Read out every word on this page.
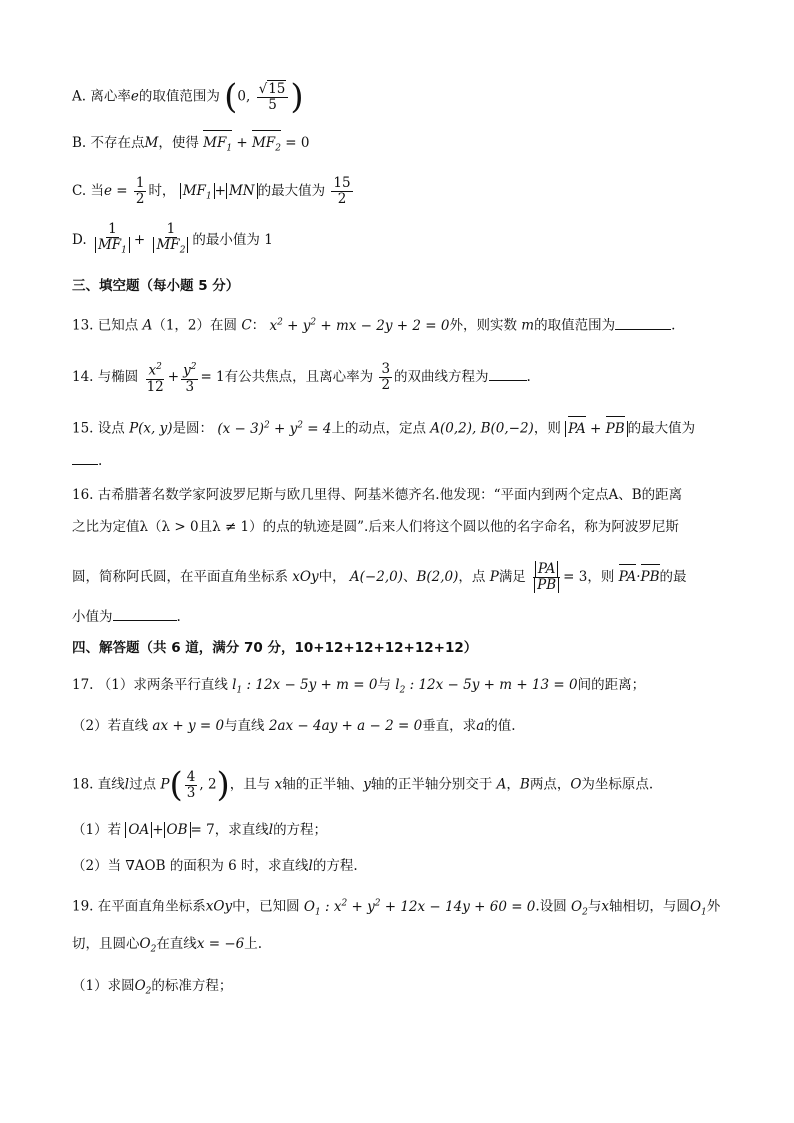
A. 离心率e的取值范围为 (0, $\frac{√15}{5}$ )
B. 不存在点M，使得 $MF_1 + MF_2 = 0$
C. 当$e = \frac{1}{2}$ 时， $MF_1$ + MN 的最大值为 $\frac{15}{2}$
D. $\frac{1}{MF_1} + \frac{1}{MF_2}$ 的最小值为 1
三、填空题（每小题 5 分）
13. 已知点 A（1，2）在圆 C： $x^2 + y^2$ + mx − 2y + 2 = 0外，则实数 m的取值范围为	.
14. 与椭圆 $\frac{x^2}{12} + \frac{y^2}{3} = 1$有公共焦点，且离心率为 $\frac{3}{2}$ 的双曲线方程为	.
15. 设点 P(x, y)是圆： $(x - 3)^2 + y^2 = 4$上的动点，定点 A(0,2), B(0,−2)，则 PA + PB 的最大值为
.
16. 古希腊著名数学家阿波罗尼斯与欧几里得、阿基米德齐名.他发现：“平面内到两个定点A、B的距离
之比为定值λ（λ > 0且λ ≠ 1）的点的轨迹是圆”.后来人们将这个圆以他的名字命名，称为阿波罗尼斯
圆，简称阿氏圆，在平面直角坐标系 xOy中， A(−2,0)、B(2,0)，点 P满足 $\frac{PA}{PB} = 3$，则 PA·PB的最
小值为	.
四、解答题（共 6 道，满分 70 分，10+12+12+12+12+12）
17. （1）求两条平行直线 $l_1$ : 12x − 5y + m = 0与 $l_2$ : 12x − 5y + m + 13 = 0间的距离；
（2）若直线 ax + y = 0与直线 2ax − 4ay + a − 2 = 0垂直，求a的值.
18. 直线l过点 $P( \frac{4}{3}$ , 2)，且与 x轴的正半轴、y轴的正半轴分别交于 A，B两点，O为坐标原点.
（1）若 OA + OB = 7，求直线l的方程；
（2）当 ∇AOB 的面积为 6 时，求直线l的方程.
19. 在平面直角坐标系xOy中，已知圆 $O_1$ : $x^2 + y^2 + 12x - 14y + 60 = 0$.设圆 $O_2$与x轴相切，与圆$O_1$外
切，且圆心$O_2$在直线x = −6上.
（1）求圆$O_2$的标准方程；
